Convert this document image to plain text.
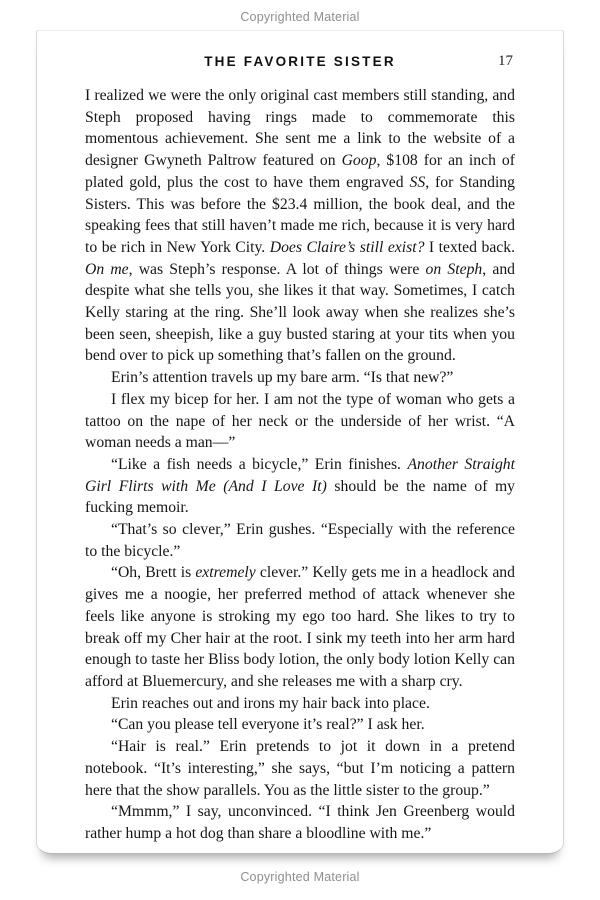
Copyrighted Material
THE FAVORITE SISTER	17

I realized we were the only original cast members still standing, and Steph proposed having rings made to commemorate this momentous achievement. She sent me a link to the website of a designer Gwyneth Paltrow featured on Goop, $108 for an inch of plated gold, plus the cost to have them engraved SS, for Standing Sisters. This was before the $23.4 million, the book deal, and the speaking fees that still haven’t made me rich, because it is very hard to be rich in New York City. Does Claire’s still exist? I texted back. On me, was Steph’s response. A lot of things were on Steph, and despite what she tells you, she likes it that way. Sometimes, I catch Kelly staring at the ring. She’ll look away when she realizes she’s been seen, sheepish, like a guy busted staring at your tits when you bend over to pick up something that’s fallen on the ground.

Erin’s attention travels up my bare arm. “Is that new?”

I flex my bicep for her. I am not the type of woman who gets a tattoo on the nape of her neck or the underside of her wrist. “A woman needs a man—”

“Like a fish needs a bicycle,” Erin finishes. Another Straight Girl Flirts with Me (And I Love It) should be the name of my fucking memoir.

“That’s so clever,” Erin gushes. “Especially with the reference to the bicycle.”

“Oh, Brett is extremely clever.” Kelly gets me in a headlock and gives me a noogie, her preferred method of attack whenever she feels like anyone is stroking my ego too hard. She likes to try to break off my Cher hair at the root. I sink my teeth into her arm hard enough to taste her Bliss body lotion, the only body lotion Kelly can afford at Bluemercury, and she releases me with a sharp cry.

Erin reaches out and irons my hair back into place.

“Can you please tell everyone it’s real?” I ask her.

“Hair is real.” Erin pretends to jot it down in a pretend notebook. “It’s interesting,” she says, “but I’m noticing a pattern here that the show parallels. You as the little sister to the group.”

“Mmmm,” I say, unconvinced. “I think Jen Greenberg would rather hump a hot dog than share a bloodline with me.”

Copyrighted Material
